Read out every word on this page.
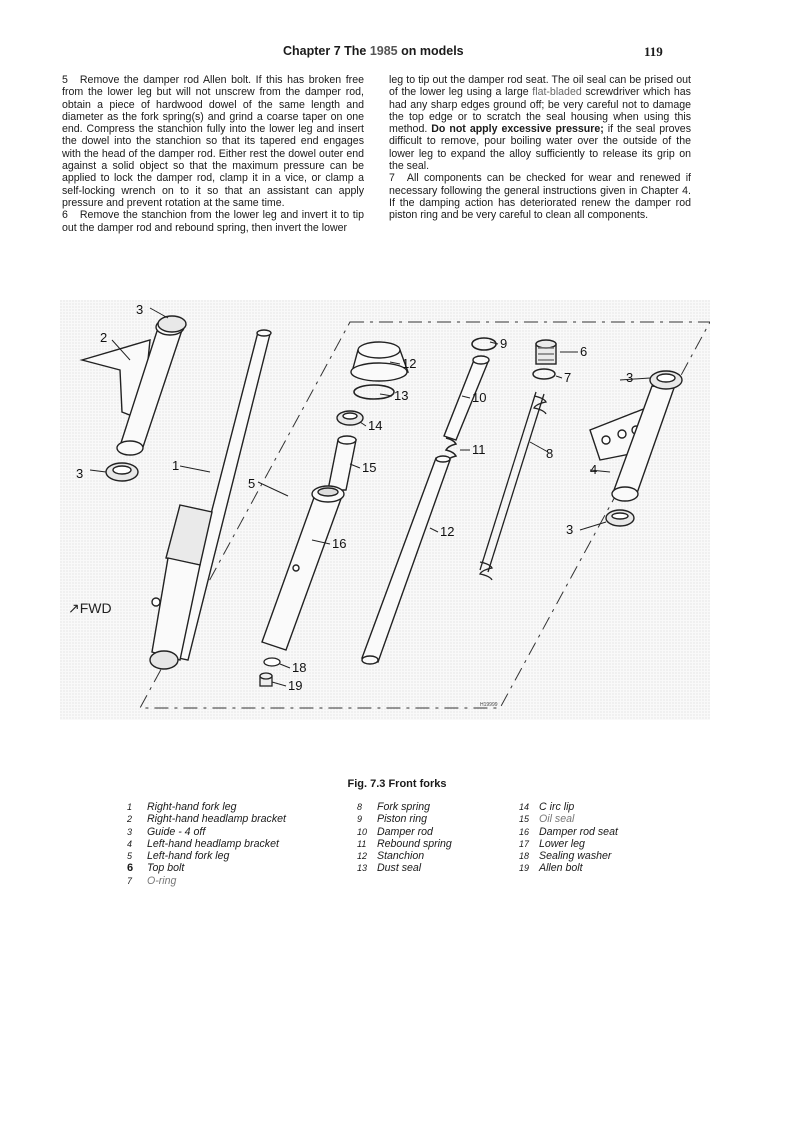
Chapter 7 The 1985 on models	119

5 Remove the damper rod Allen bolt. If this has broken free from the lower leg but will not unscrew from the damper rod, obtain a piece of hardwood dowel of the same length and diameter as the fork spring(s) and grind a coarse taper on one end. Compress the stanchion fully into the lower leg and insert the dowel into the stanchion so that its tapered end engages with the head of the damper rod. Either rest the dowel outer end against a solid object so that the maximum pressure can be applied to lock the damper rod, clamp it in a vice, or clamp a self-locking wrench on to it so that an assistant can apply pressure and prevent rotation at the same time.

6 Remove the stanchion from the lower leg and invert it to tip out the damper rod and rebound spring, then invert the lower

leg to tip out the damper rod seat. The oil seal can be prised out of the lower leg using a large flat-bladed screwdriver which has had any sharp edges ground off; be very careful not to damage the top edge or to scratch the seal housing when using this method. Do not apply excessive pressure; if the seal proves difficult to remove, pour boiling water over the outside of the lower leg to expand the alloy sufficiently to release its grip on the seal.

7 All components can be checked for wear and renewed if necessary following the general instructions given in Chapter 4. If the damping action has deteriorated renew the damper rod piston ring and be very careful to clean all components.

3
2
3
1
5
12
13
14
15
16
9
10
11
12
6
7
8
3
4
3
18
19
H19999
↗FWD
Fig. 7.3 Front forks
1 Right-hand fork leg
2 Right-hand headlamp bracket
3 Guide - 4 off
4 Left-hand headlamp bracket
5 Left-hand fork leg
6 Top bolt
7 O-ring
8 Fork spring
9 Piston ring
10 Damper rod
11 Rebound spring
12 Stanchion
13 Dust seal
14 C irc lip
15 Oil seal
16 Damper rod seat
17 Lower leg
18 Sealing washer
19 Allen bolt
